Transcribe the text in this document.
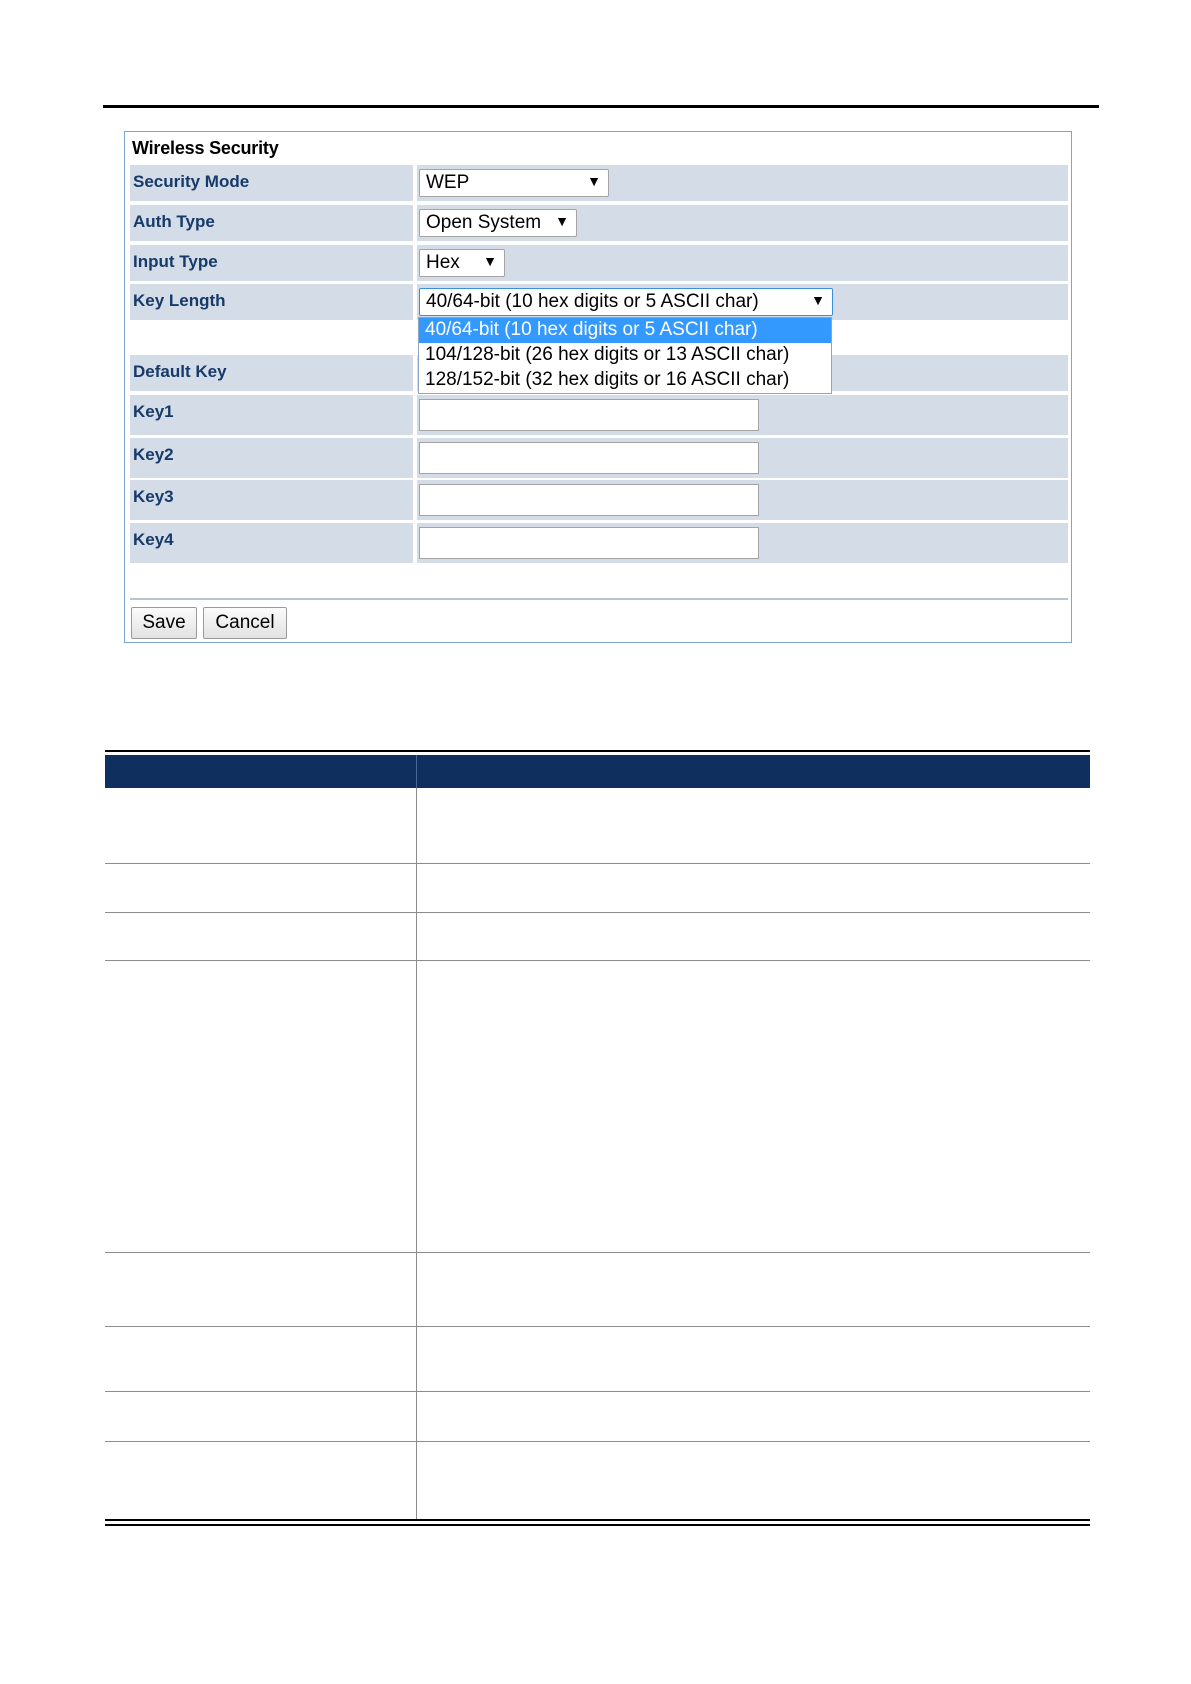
Wireless Security
Security Mode	WEP	▼
Auth Type	Open System ▼
Input Type	Hex ▼
Key Length	40/64-bit (10 hex digits or 5 ASCII char)	▼
Default Key
Key1
Key2
Key3
Key4
Save	Cancel
40/64-bit (10 hex digits or 5 ASCII char)
104/128-bit (26 hex digits or 13 ASCII char)
128/152-bit (32 hex digits or 16 ASCII char)
